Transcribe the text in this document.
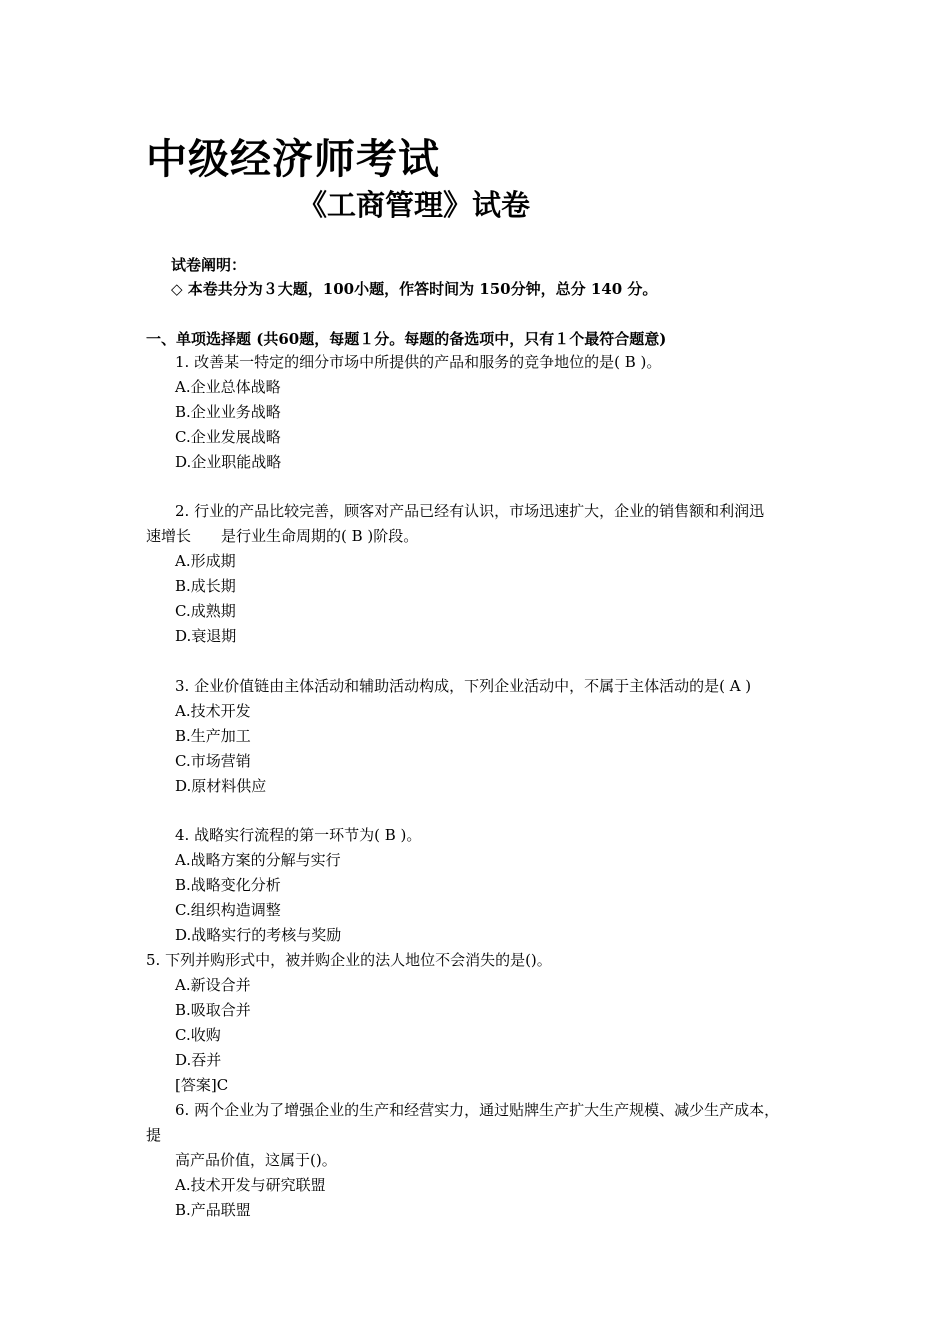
中级经济师考试
《工商管理》试卷
试卷阐明：
◇ 本卷共分为３大题，100小题，作答时间为 150分钟，总分 140 分。
一、单项选择题 (共60题，每题１分。每题的备选项中，只有１个最符合题意)
1. 改善某一特定的细分市场中所提供的产品和服务的竞争地位的是( B )。
A.企业总体战略
B.企业业务战略
C.企业发展战略
D.企业职能战略
2. 行业的产品比较完善，顾客对产品已经有认识，市场迅速扩大，企业的销售额和利润迅
速增长　　是行业生命周期的( B )阶段。
A.形成期
B.成长期
C.成熟期
D.衰退期
3. 企业价值链由主体活动和辅助活动构成，下列企业活动中，不属于主体活动的是( A )
A.技术开发
B.生产加工
C.市场营销
D.原材料供应
4. 战略实行流程的第一环节为( B )。
A.战略方案的分解与实行
B.战略变化分析
C.组织构造调整
D.战略实行的考核与奖励
5. 下列并购形式中，被并购企业的法人地位不会消失的是()。
A.新设合并
B.吸取合并
C.收购
D.吞并
[答案]C
6. 两个企业为了增强企业的生产和经营实力，通过贴牌生产扩大生产规模、减少生产成本，
提
高产品价值，这属于()。
A.技术开发与研究联盟
B.产品联盟
